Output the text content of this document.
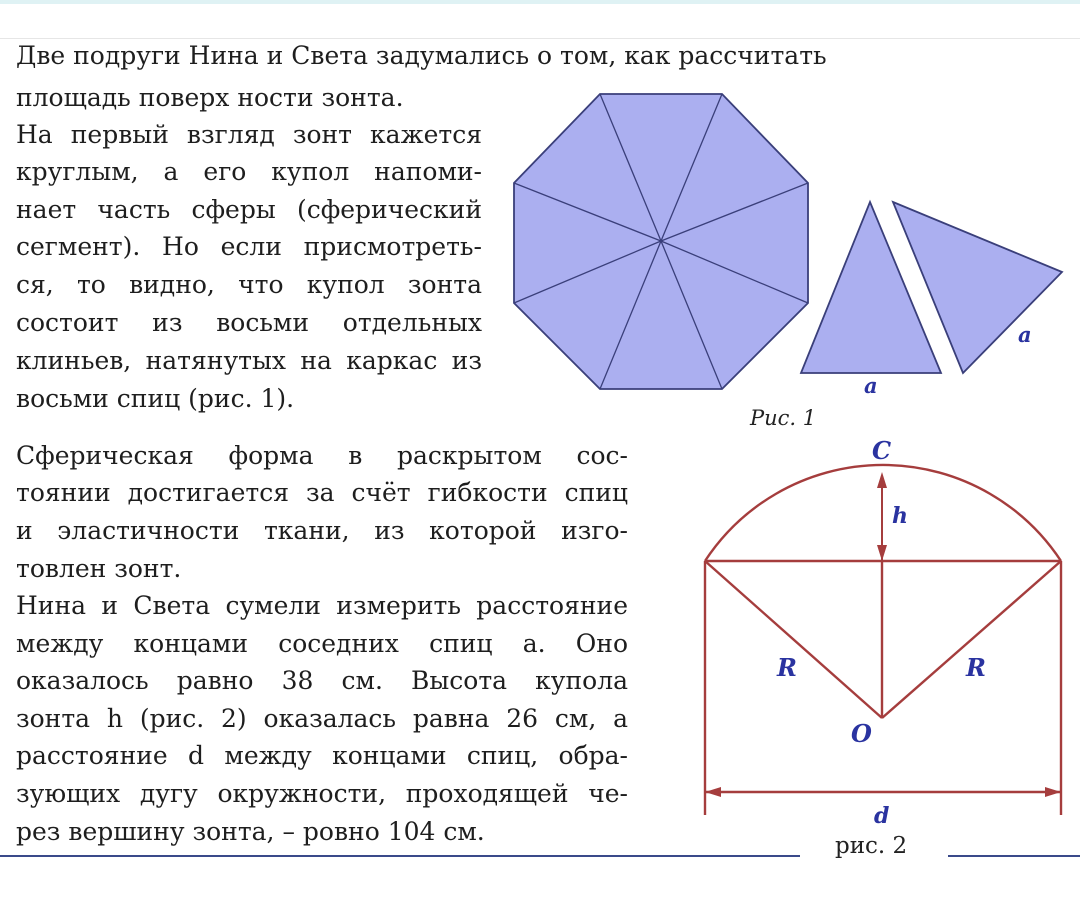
Две подруги Нина и Света задумались о том, как рассчитать

площадь поверх ности зонта.

На первый взгляд зонт кажется

круглым, а его купол напоми-

нает часть сферы (сферический

сегмент). Но если присмотреть-

ся, то видно, что купол зонта

состоит из восьми отдельных

клиньев, натянутых на каркас из

восьми спиц (рис. 1).

Сферическая форма в раскрытом сос-

тоянии достигается за счёт гибкости спиц

и эластичности ткани, из которой изго-

товлен зонт.

Нина и Света сумели измерить расстояние

между концами соседних спиц a. Оно

оказалось равно 38 см. Высота купола

зонта h (рис. 2) оказалась равна 26 см, а

расстояние d между концами спиц, обра-

зующих дугу окружности, проходящей че-

рез вершину зонта, – ровно 104 см.

a
a
C
h
R	R
O
d
Рис. 1
рис. 2
